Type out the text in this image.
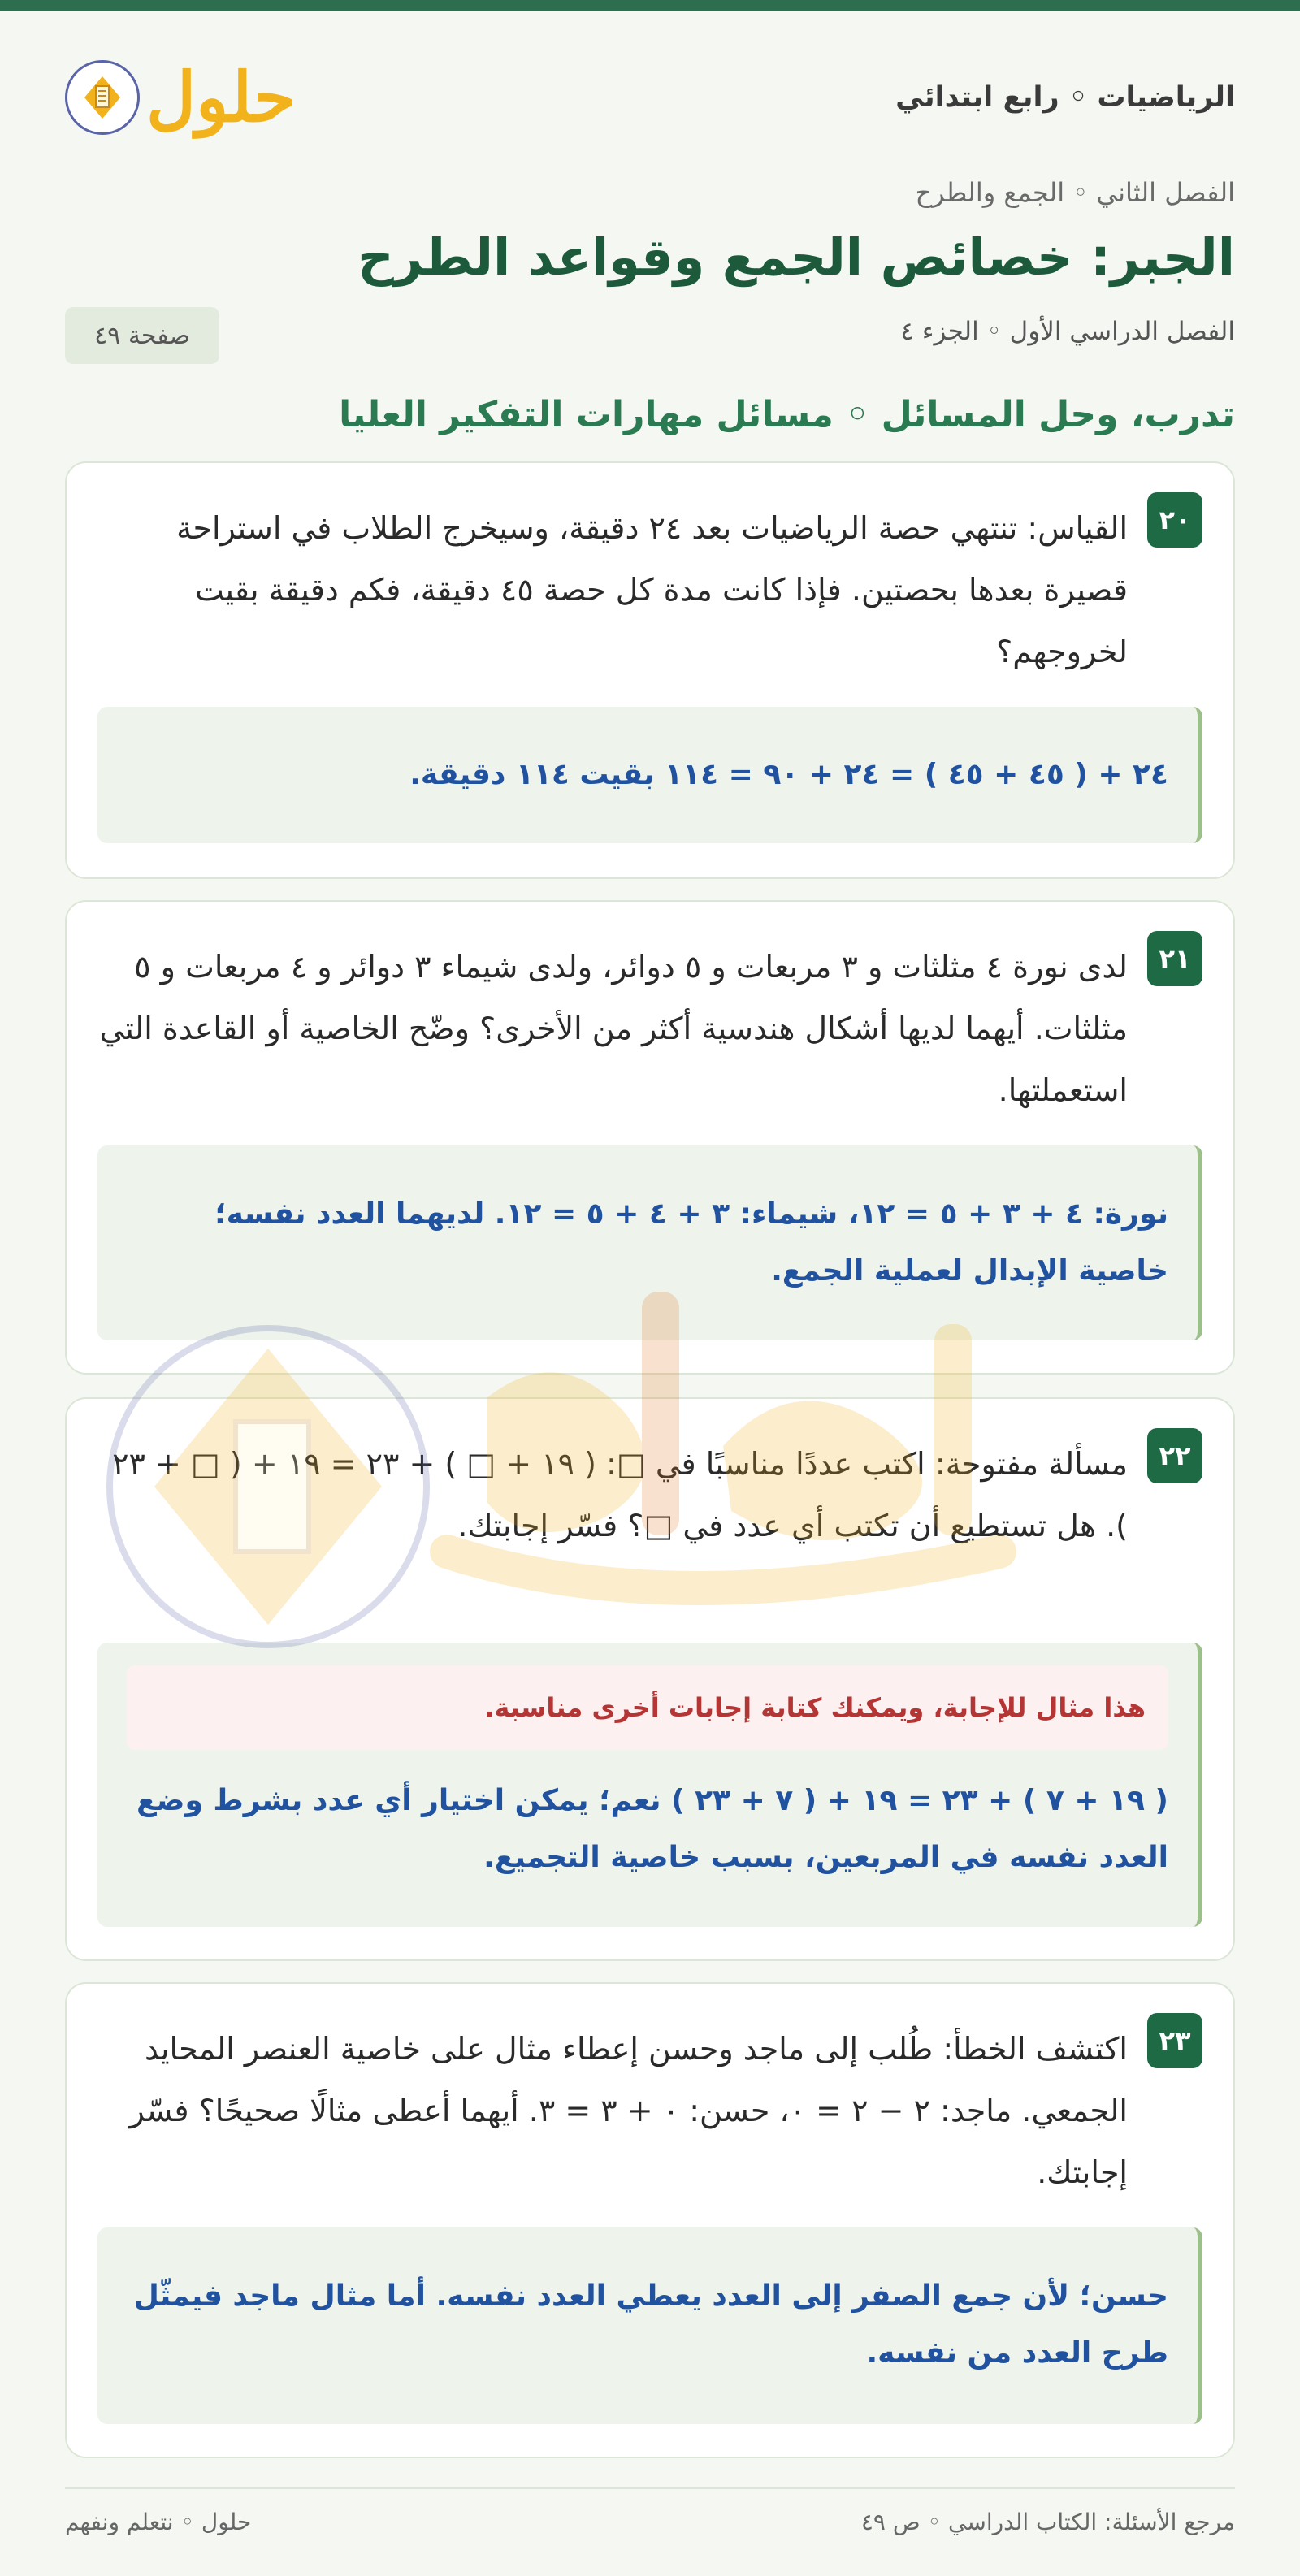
الرياضيات ◦ رابع ابتدائي
حلول
الفصل الثاني ◦ الجمع والطرح
الجبر: خصائص الجمع وقواعد الطرح
الفصل الدراسي الأول ◦ الجزء ٤
صفحة ٤٩
تدرب، وحل المسائل ◦ مسائل مهارات التفكير العليا
٢٠

القياس: تنتهي حصة الرياضيات بعد ٢٤ دقيقة، وسيخرج الطلاب في استراحة قصيرة بعدها بحصتين. فإذا كانت مدة كل حصة ٤٥ دقيقة، فكم دقيقة بقيت لخروجهم؟

٢٤ + ( ٤٥ + ٤٥ ) = ٢٤ + ٩٠ = ١١٤ بقيت ١١٤ دقيقة.

٢١

لدى نورة ٤ مثلثات و ٣ مربعات و ٥ دوائر، ولدى شيماء ٣ دوائر و ٤ مربعات و ٥ مثلثات. أيهما لديها أشكال هندسية أكثر من الأخرى؟ وضّح الخاصية أو القاعدة التي استعملتها.

نورة: ٤ + ٣ + ٥ = ١٢، شيماء: ٣ + ٤ + ٥ = ١٢. لديهما العدد نفسه؛ خاصية الإبدال لعملية الجمع.

٢٢

مسألة مفتوحة: اكتب عددًا مناسبًا في □: ( ١٩ + □ ) + ٢٣ = ١٩ + ( □ + ٢٣ ). هل تستطيع أن تكتب أي عدد في □؟ فسّر إجابتك.

هذا مثال للإجابة، ويمكنك كتابة إجابات أخرى مناسبة.

( ١٩ + ٧ ) + ٢٣ = ١٩ + ( ٧ + ٢٣ ) نعم؛ يمكن اختيار أي عدد بشرط وضع العدد نفسه في المربعين، بسبب خاصية التجميع.

٢٣

اكتشف الخطأ: طُلب إلى ماجد وحسن إعطاء مثال على خاصية العنصر المحايد الجمعي. ماجد: ٢ − ٢ = ٠، حسن: ٠ + ٣ = ٣. أيهما أعطى مثالًا صحيحًا؟ فسّر إجابتك.

حسن؛ لأن جمع الصفر إلى العدد يعطي العدد نفسه. أما مثال ماجد فيمثّل طرح العدد من نفسه.

مرجع الأسئلة: الكتاب الدراسي ◦ ص ٤٩
حلول ◦ نتعلم ونفهم
